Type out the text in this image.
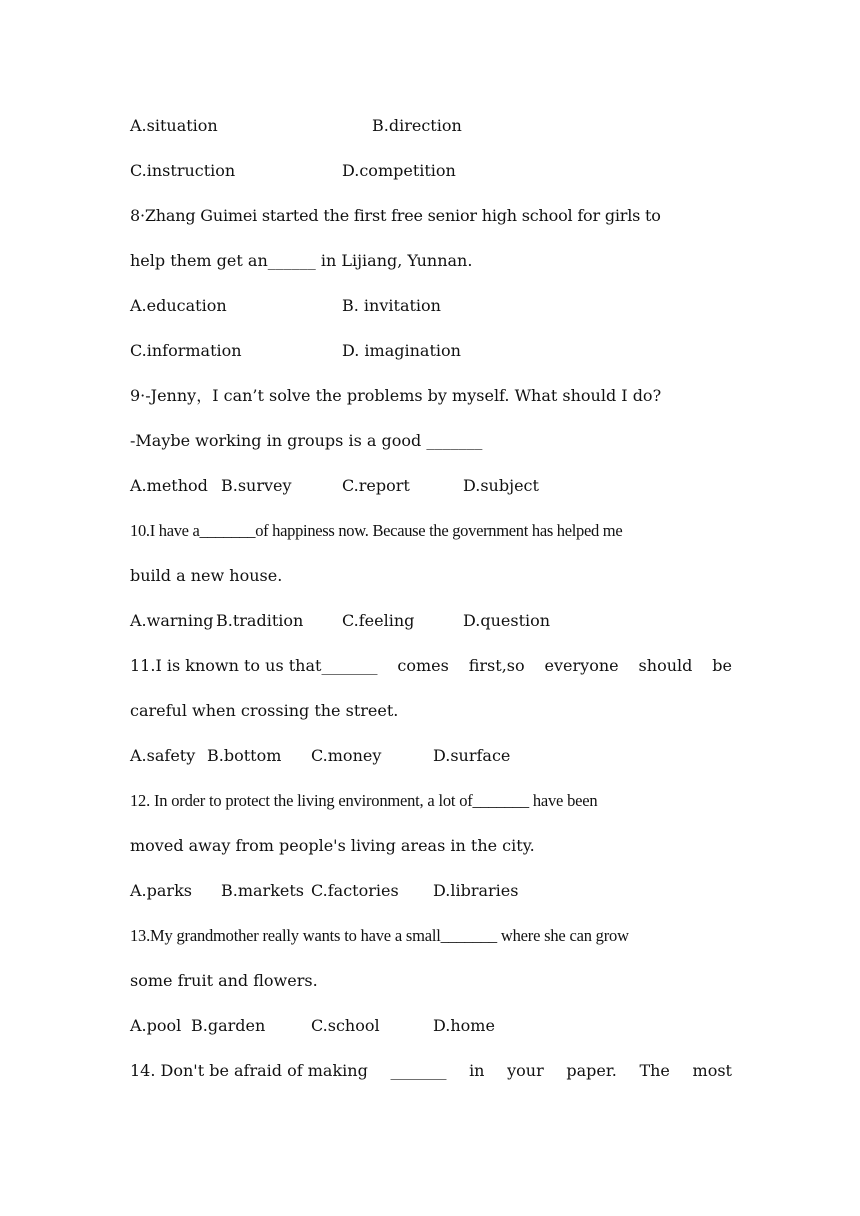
A.situation

	B.direction

C.instruction

	D.competition

8·Zhang Guimei started the first free senior high school for girls to
help them get an______ in Lijiang, Yunnan.

A.education

	B. invitation

C.information

	D. imagination

9·-Jenny，I can’t solve the problems by myself. What should I do?
-Maybe working in groups is a good _______

A.method

B.survey

	C.report

	D.subject

10.I have a_______of happiness now. Because the government has helped me
build a new house.

A.warning

B.tradition

C.feeling

	D.question

11.I is known to us that_______ comes first,so everyone should be
careful when crossing the street.

A.safety

B.bottom

C.money

	D.surface

12. In order to protect the living environment, a lot of_______ have been
moved away from people's living areas in the city.

A.parks

B.markets

C.factories

D.libraries

13.My grandmother really wants to have a small_______ where she can grow
some fruit and flowers.

A.pool

B.garden

	C.school

	D.home

14. Don't be afraid of making _______ in your paper. The most
